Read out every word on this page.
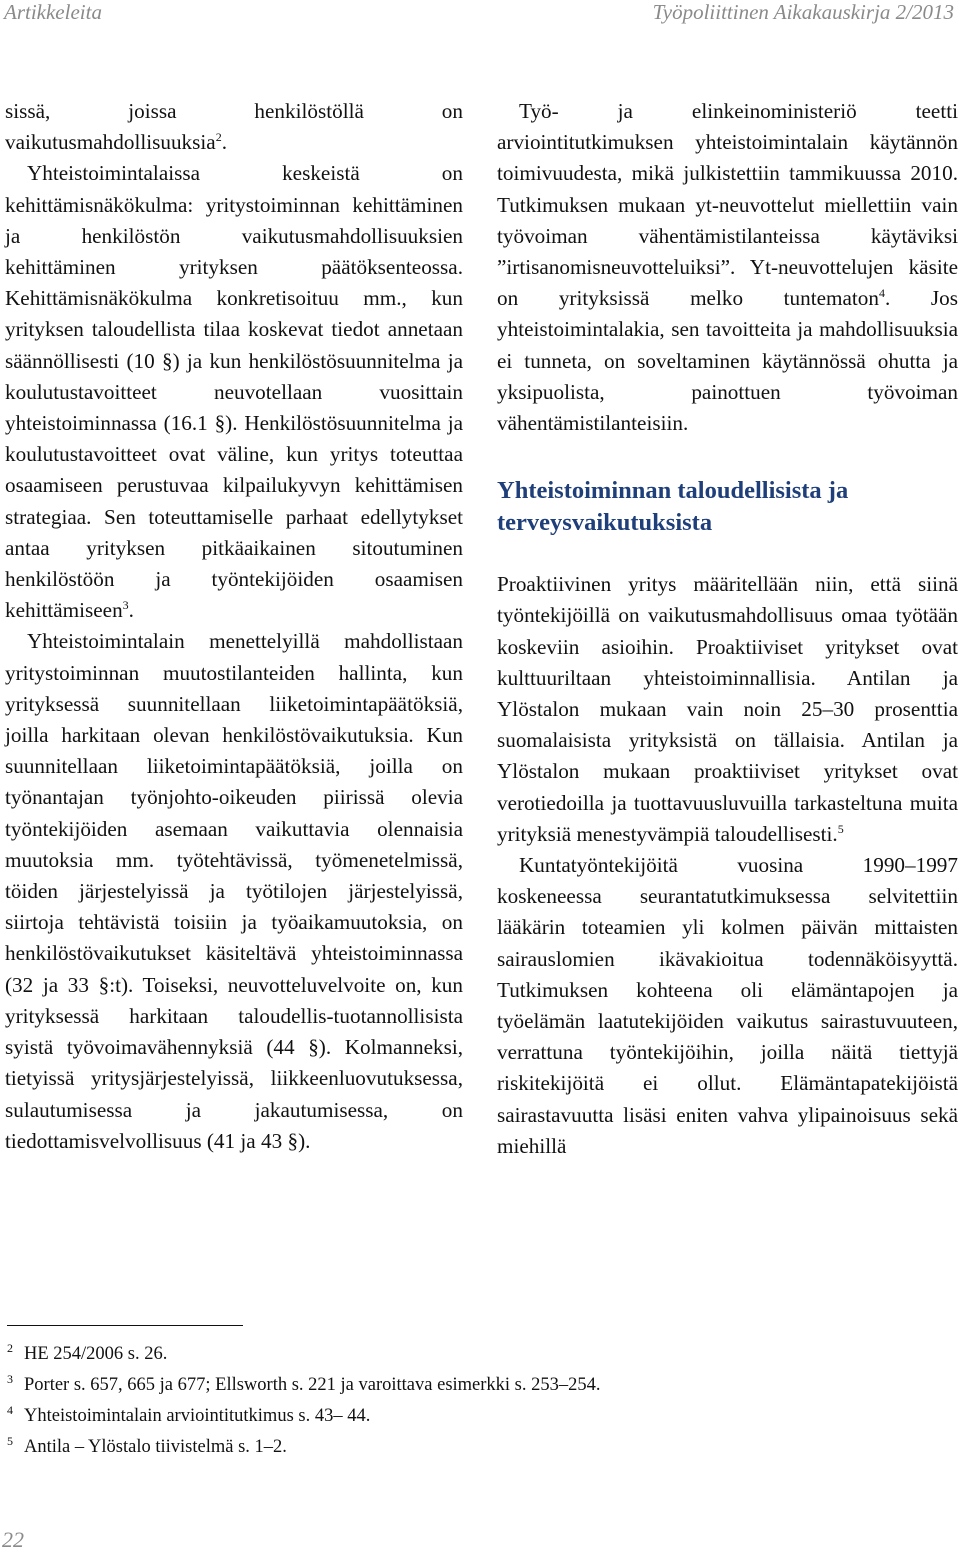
Artikkeleita	Työpoliittinen Aikakauskirja 2/2013

sissä, joissa henkilöstöllä on vaikutusmahdollisuuksia$^2$.

Yhteistoimintalaissa keskeistä on kehittämisnäkökulma: yritystoiminnan kehittäminen ja henkilöstön vaikutusmahdollisuuksien kehittäminen yrityksen päätöksenteossa. Kehittämisnäkökulma konkretisoituu mm., kun yrityksen taloudellista tilaa koskevat tiedot annetaan säännöllisesti (10 §) ja kun henkilöstösuunnitelma ja koulutustavoitteet neuvotellaan vuosittain yhteistoiminnassa (16.1 §). Henkilöstösuunnitelma ja koulutustavoitteet ovat väline, kun yritys toteuttaa osaamiseen perustuvaa kilpailukyvyn kehittämisen strategiaa. Sen toteuttamiselle parhaat edellytykset antaa yrityksen pitkäaikainen sitoutuminen henkilöstöön ja työntekijöiden osaamisen kehittämiseen$^3$.

Yhteistoimintalain menettelyillä mahdollistaan yritystoiminnan muutostilanteiden hallinta, kun yrityksessä suunnitellaan liiketoimintapäätöksiä, joilla harkitaan olevan henkilöstövaikutuksia. Kun suunnitellaan liiketoimintapäätöksiä, joilla on työnantajan työnjohto-oikeuden piirissä olevia työntekijöiden asemaan vaikuttavia olennaisia muutoksia mm. työtehtävissä, työmenetelmissä, töiden järjestelyissä ja työtilojen järjestelyissä, siirtoja tehtävistä toisiin ja työaikamuutoksia, on henkilöstövaikutukset käsiteltävä yhteistoiminnassa (32 ja 33 §:t). Toiseksi, neuvotteluvelvoite on, kun yrityksessä harkitaan taloudellis-tuotannollisista syistä työvoimavähennyksiä (44 §). Kolmanneksi, tietyissä yritysjärjestelyissä, liikkeenluovutuksessa, sulautumisessa ja jakautumisessa, on tiedottamisvelvollisuus (41 ja 43 §).

Työ- ja elinkeinoministeriö teetti arviointitutkimuksen yhteistoimintalain käytännön toimivuudesta, mikä julkistettiin tammikuussa 2010. Tutkimuksen mukaan yt-neuvottelut miellettiin vain työvoiman vähentämistilanteissa käytäviksi ”irtisanomisneuvotteluiksi”. Yt-neuvottelujen käsite on yrityksissä melko tuntematon$^4$. Jos yhteistoimintalakia, sen tavoitteita ja mahdollisuuksia ei tunneta, on soveltaminen käytännössä ohutta ja yksipuolista, painottuen työvoiman vähentämistilanteisiin.

Yhteistoiminnan taloudellisista ja terveysvaikutuksista

Proaktiivinen yritys määritellään niin, että siinä työntekijöillä on vaikutusmahdollisuus omaa työtään koskeviin asioihin. Proaktiiviset yritykset ovat kulttuuriltaan yhteistoiminnallisia. Antilan ja Ylöstalon mukaan vain noin 25–30 prosenttia suomalaisista yrityksistä on tällaisia. Antilan ja Ylöstalon mukaan proaktiiviset yritykset ovat verotiedoilla ja tuottavuusluvuilla tarkasteltuna muita yrityksiä menestyvämpiä taloudellisesti.$^5$

Kuntatyöntekijöitä vuosina 1990–1997 koskeneessa seurantatutkimuksessa selvitettiin lääkärin toteamien yli kolmen päivän mittaisten sairauslomien ikävakioitua todennäköisyyttä. Tutkimuksen kohteena oli elämäntapojen ja työelämän laatutekijöiden vaikutus sairastuvuuteen, verrattuna työntekijöihin, joilla näitä tiettyjä riskitekijöitä ei ollut. Elämäntapatekijöistä sairastavuutta lisäsi eniten vahva ylipainoisuus sekä miehillä

2 HE 254/2006 s. 26.
3 Porter s. 657, 665 ja 677; Ellsworth s. 221 ja varoittava esimerkki s. 253–254.
4 Yhteistoimintalain arviointitutkimus s. 43– 44.
5 Antila – Ylöstalo tiivistelmä s. 1–2.
22
